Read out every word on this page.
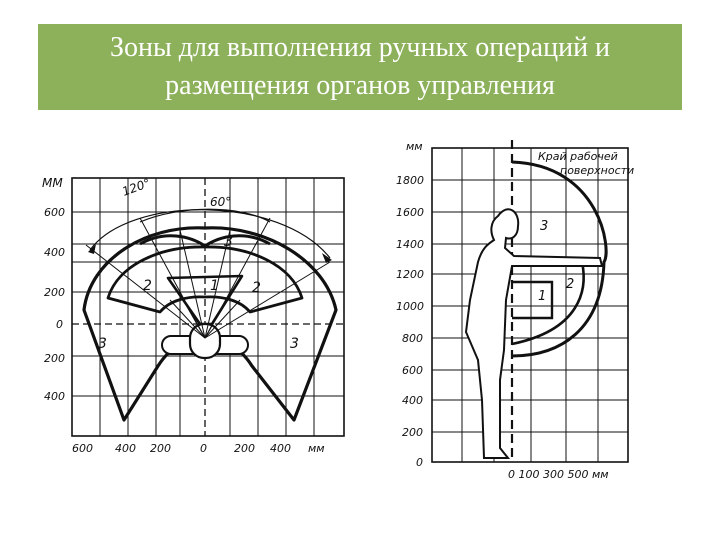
Зоны для выполнения ручных операций и
размещения органов управления
ММ
600
400
200
0
200
400
600 400 200	0 200 400 мм
120°
60°
1
2	2
3
3	3
мм
1800
1600
1400
1200
1000
800
600
400
200
0
0 100 300 500 мм
Край рабочей
поверхности
1
2
3
